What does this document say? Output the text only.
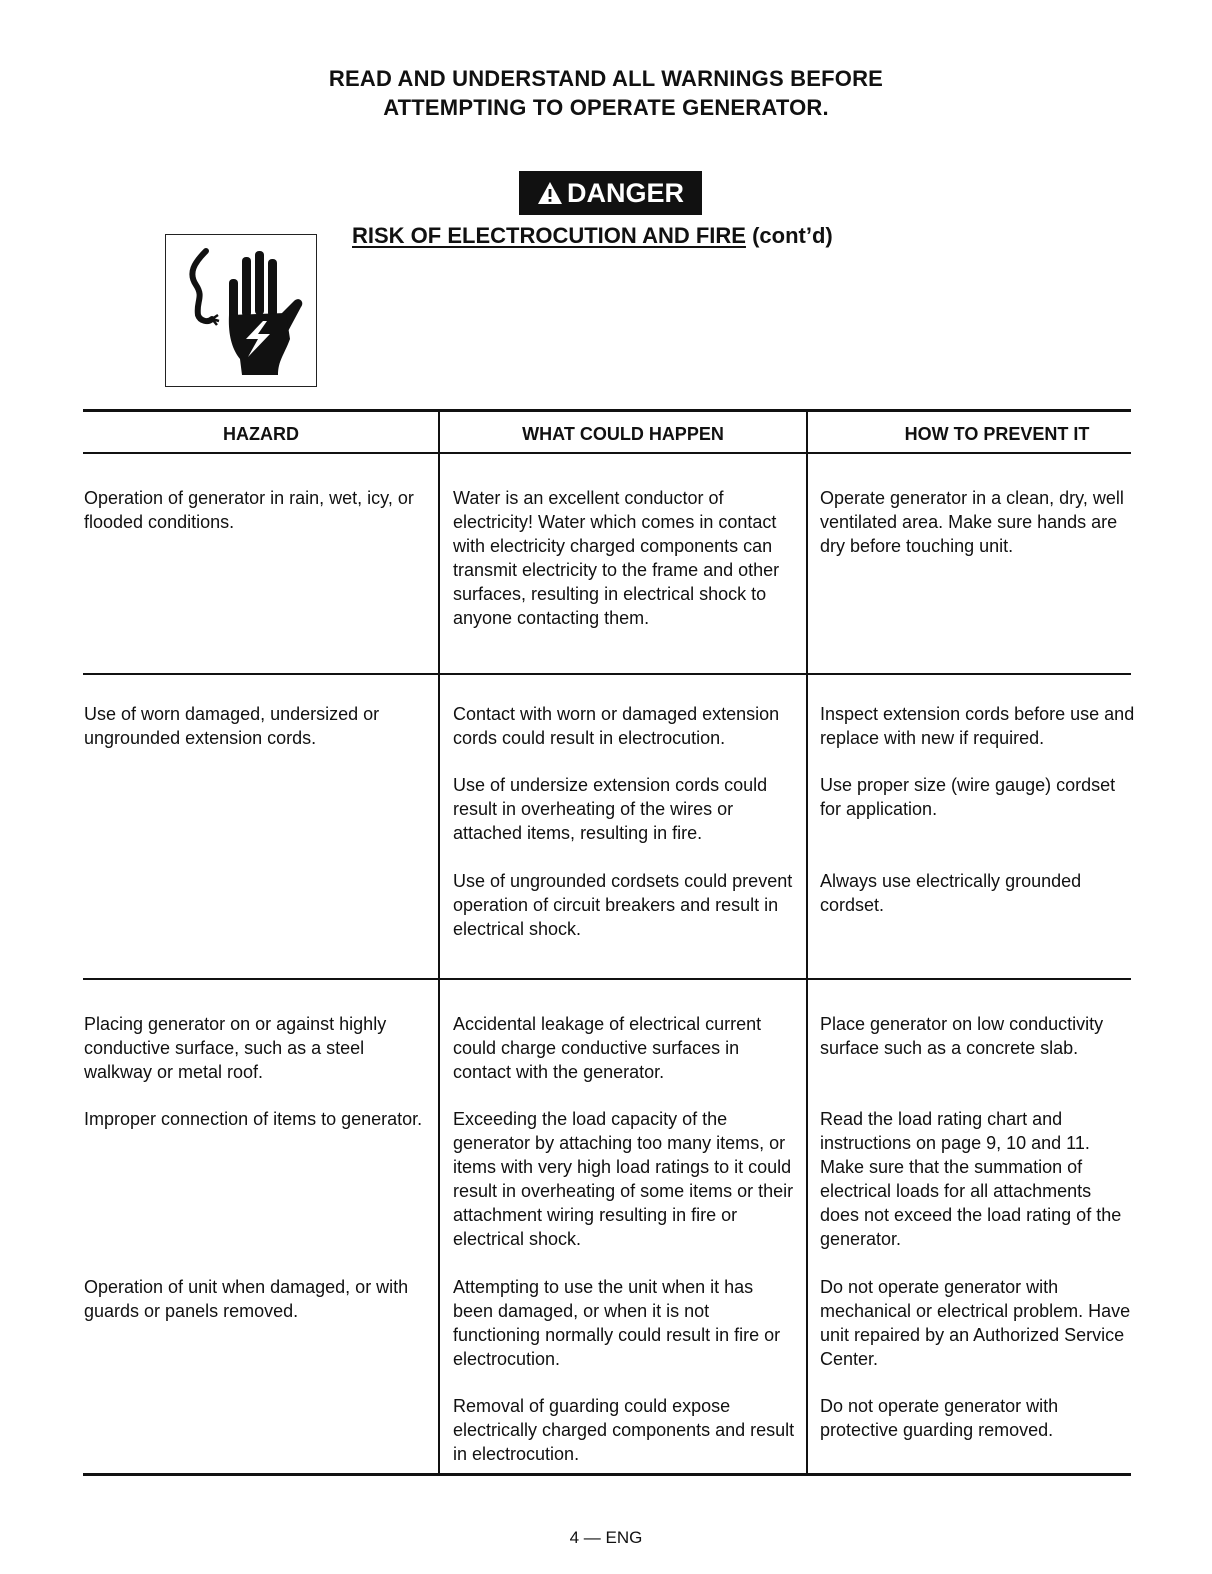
READ AND UNDERSTAND ALL WARNINGS BEFORE
ATTEMPTING TO OPERATE GENERATOR.
DANGER
RISK OF ELECTROCUTION AND FIRE (cont’d)
HAZARD	WHAT COULD HAPPEN	HOW TO PREVENT IT
Operation of generator in rain, wet, icy, or flooded conditions.
Water is an excellent conductor of electricity! Water which comes in contact with electricity charged components can transmit electricity to the frame and other surfaces, resulting in electrical shock to anyone contacting them.
Operate generator in a clean, dry, well ventilated area. Make sure hands are dry before touching unit.
Use of worn damaged, undersized or ungrounded extension cords.
Contact with worn or damaged extension cords could result in electrocution.
Use of undersize extension cords could result in overheating of the wires or attached items, resulting in fire.
Use of ungrounded cordsets could prevent operation of circuit breakers and result in electrical shock.
Inspect extension cords before use and replace with new if required.
Use proper size (wire gauge) cordset for application.
Always use electrically grounded cordset.
Placing generator on or against highly conductive surface, such as a steel walkway or metal roof.
Improper connection of items to generator.
Operation of unit when damaged, or with guards or panels removed.
Accidental leakage of electrical current could charge conductive surfaces in contact with the generator.
Exceeding the load capacity of the generator by attaching too many items, or items with very high load ratings to it could result in overheating of some items or their attachment wiring resulting in fire or electrical shock.
Attempting to use the unit when it has been damaged, or when it is not functioning normally could result in fire or electrocution.
Removal of guarding could expose electrically charged components and result in electrocution.
Place generator on low conductivity surface such as a concrete slab.
Read the load rating chart and instructions on page 9, 10 and 11. Make sure that the summation of electrical loads for all attachments does not exceed the load rating of the generator.
Do not operate generator with mechanical or electrical problem. Have unit repaired by an Authorized Service Center.
Do not operate generator with protective guarding removed.
4 — ENG
